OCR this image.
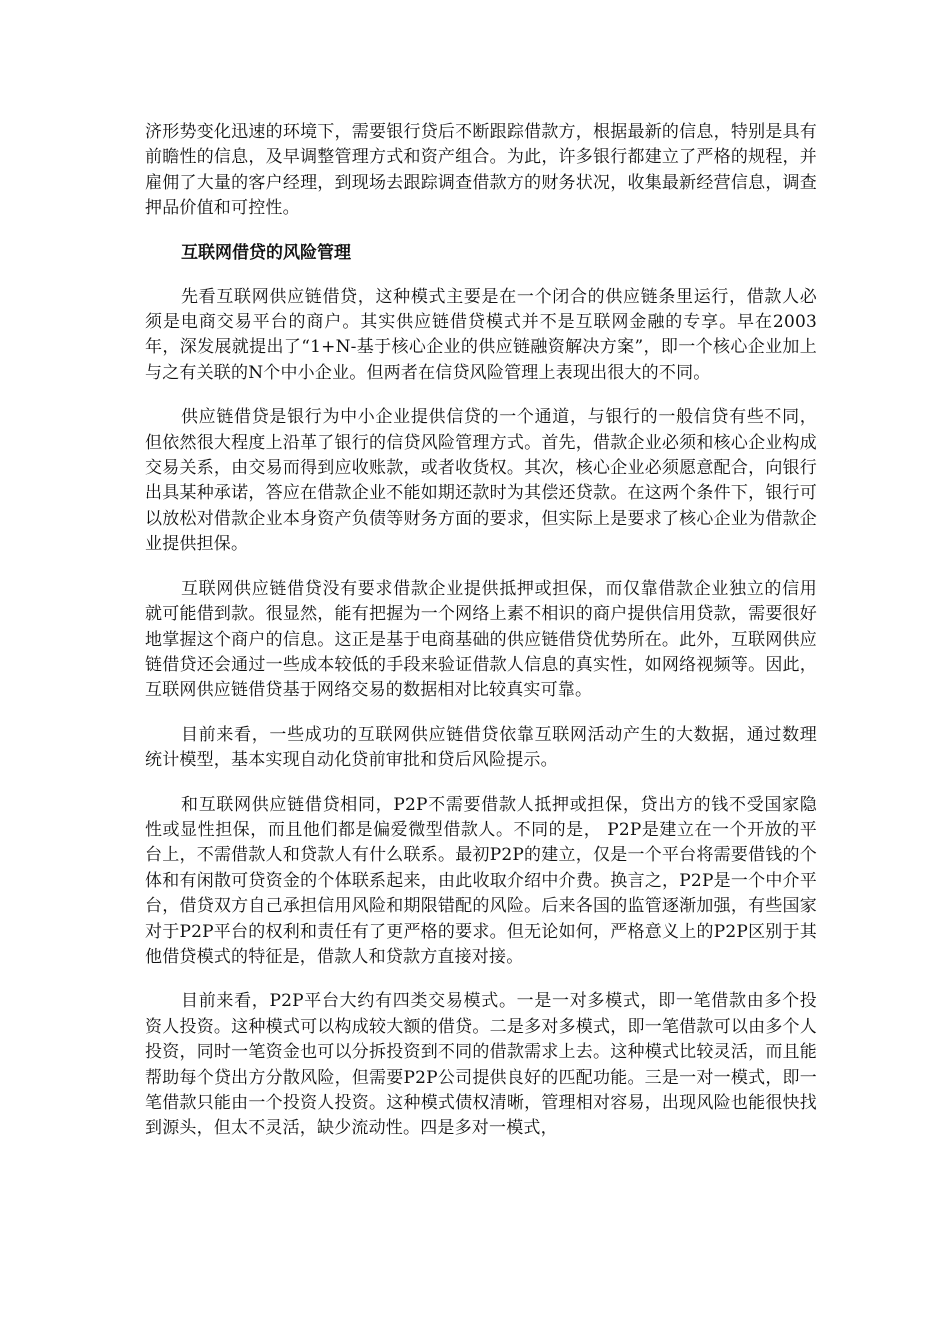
济形势变化迅速的环境下，需要银行贷后不断跟踪借款方，根据最新的信息，特别是具有前瞻性的信息，及早调整管理方式和资产组合。为此，许多银行都建立了严格的规程，并雇佣了大量的客户经理，到现场去跟踪调查借款方的财务状况，收集最新经营信息，调查押品价值和可控性。

互联网借贷的风险管理

先看互联网供应链借贷，这种模式主要是在一个闭合的供应链条里运行，借款人必须是电商交易平台的商户。其实供应链借贷模式并不是互联网金融的专享。早在2003年，深发展就提出了“1+N-基于核心企业的供应链融资解决方案”，即一个核心企业加上与之有关联的N个中小企业。但两者在信贷风险管理上表现出很大的不同。

供应链借贷是银行为中小企业提供信贷的一个通道，与银行的一般信贷有些不同，但依然很大程度上沿革了银行的信贷风险管理方式。首先，借款企业必须和核心企业构成交易关系，由交易而得到应收账款，或者收货权。其次，核心企业必须愿意配合，向银行出具某种承诺，答应在借款企业不能如期还款时为其偿还贷款。在这两个条件下，银行可以放松对借款企业本身资产负债等财务方面的要求，但实际上是要求了核心企业为借款企业提供担保。

互联网供应链借贷没有要求借款企业提供抵押或担保，而仅靠借款企业独立的信用就可能借到款。很显然，能有把握为一个网络上素不相识的商户提供信用贷款，需要很好地掌握这个商户的信息。这正是基于电商基础的供应链借贷优势所在。此外，互联网供应链借贷还会通过一些成本较低的手段来验证借款人信息的真实性，如网络视频等。因此，互联网供应链借贷基于网络交易的数据相对比较真实可靠。

目前来看，一些成功的互联网供应链借贷依靠互联网活动产生的大数据，通过数理统计模型，基本实现自动化贷前审批和贷后风险提示。

和互联网供应链借贷相同，P2P不需要借款人抵押或担保，贷出方的钱不受国家隐性或显性担保，而且他们都是偏爱微型借款人。不同的是， P2P是建立在一个开放的平台上，不需借款人和贷款人有什么联系。最初P2P的建立，仅是一个平台将需要借钱的个体和有闲散可贷资金的个体联系起来，由此收取介绍中介费。换言之，P2P是一个中介平台，借贷双方自己承担信用风险和期限错配的风险。后来各国的监管逐渐加强，有些国家对于P2P平台的权利和责任有了更严格的要求。但无论如何，严格意义上的P2P区别于其他借贷模式的特征是，借款人和贷款方直接对接。

目前来看，P2P平台大约有四类交易模式。一是一对多模式，即一笔借款由多个投资人投资。这种模式可以构成较大额的借贷。二是多对多模式，即一笔借款可以由多个人投资，同时一笔资金也可以分拆投资到不同的借款需求上去。这种模式比较灵活，而且能帮助每个贷出方分散风险，但需要P2P公司提供良好的匹配功能。三是一对一模式，即一笔借款只能由一个投资人投资。这种模式债权清晰，管理相对容易，出现风险也能很快找到源头，但太不灵活，缺少流动性。四是多对一模式，
